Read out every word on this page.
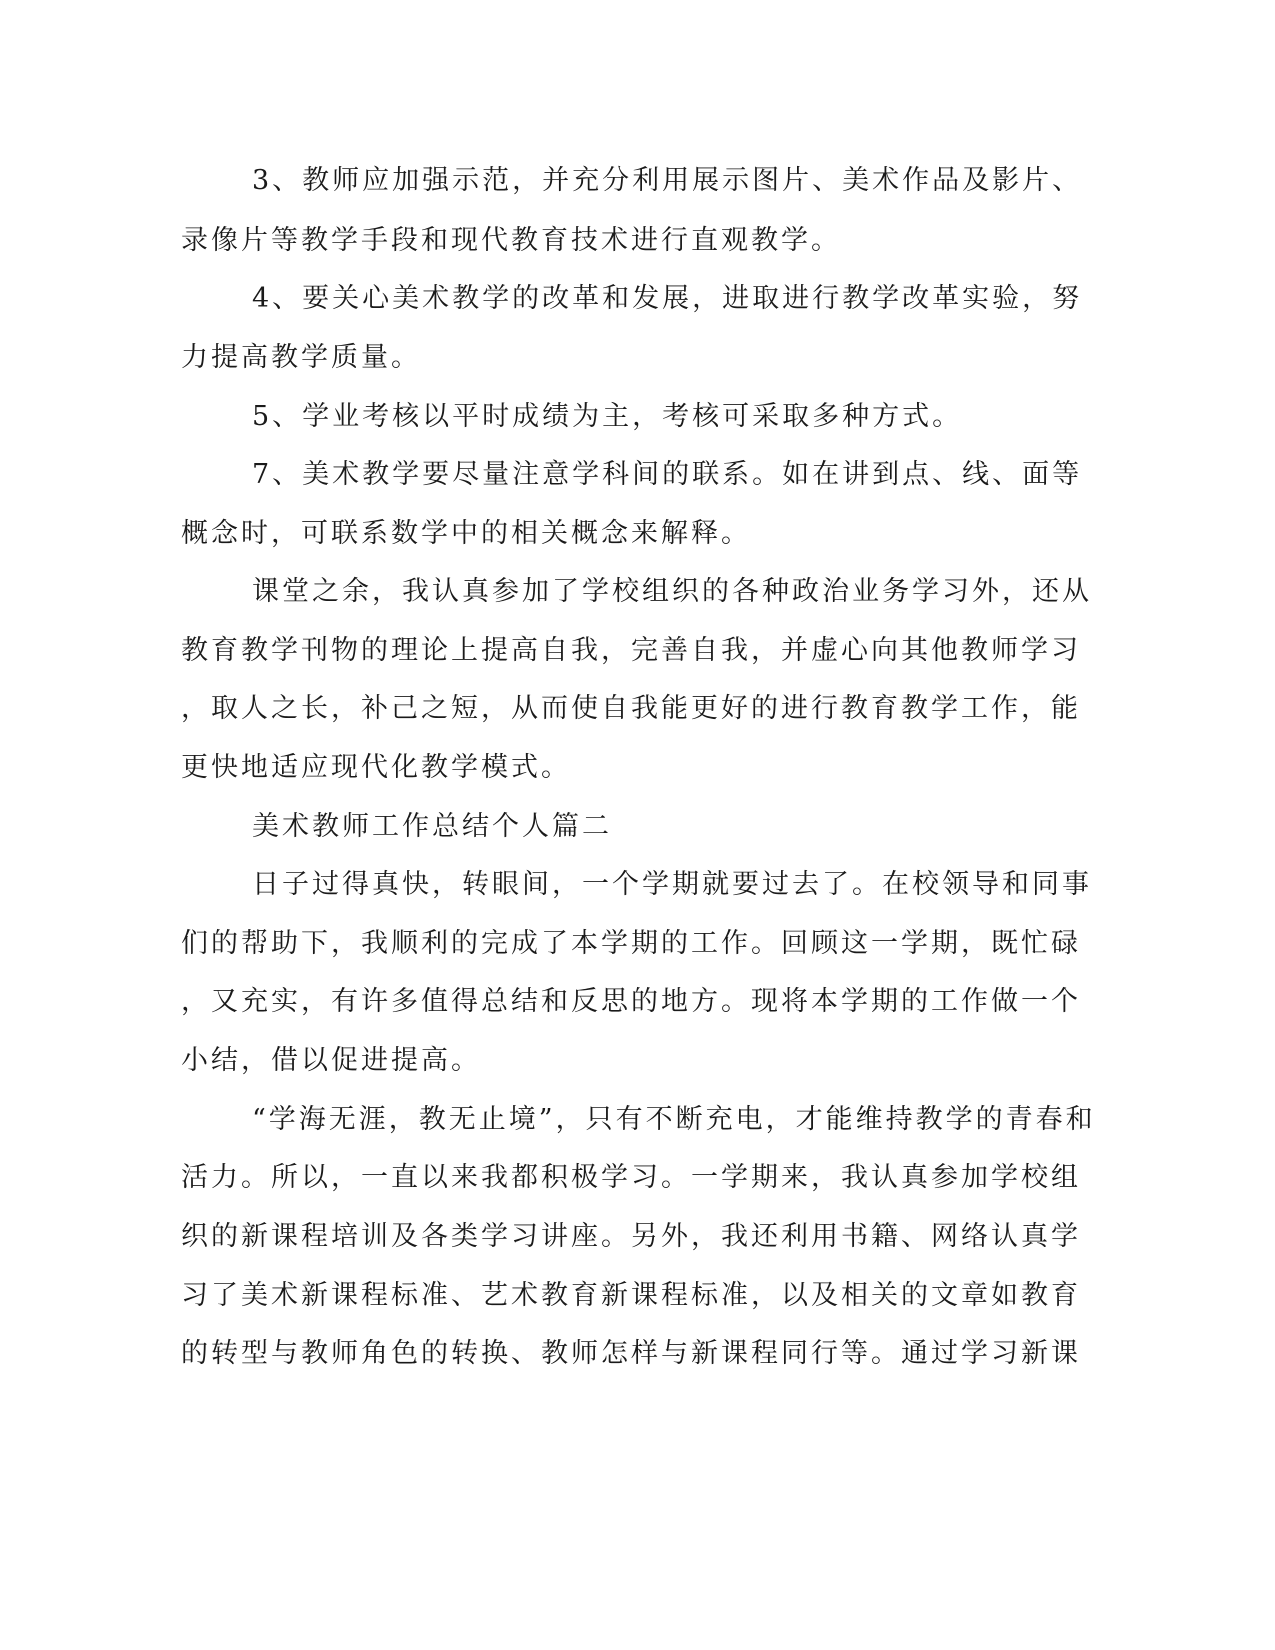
3、教师应加强示范，并充分利用展示图片、美术作品及影片、
录像片等教学手段和现代教育技术进行直观教学。
4、要关心美术教学的改革和发展，进取进行教学改革实验，努
力提高教学质量。
5、学业考核以平时成绩为主，考核可采取多种方式。
7、美术教学要尽量注意学科间的联系。如在讲到点、线、面等
概念时，可联系数学中的相关概念来解释。
课堂之余，我认真参加了学校组织的各种政治业务学习外，还从
教育教学刊物的理论上提高自我，完善自我，并虚心向其他教师学习
，取人之长，补己之短，从而使自我能更好的进行教育教学工作，能
更快地适应现代化教学模式。
美术教师工作总结个人篇二
日子过得真快，转眼间，一个学期就要过去了。在校领导和同事
们的帮助下，我顺利的完成了本学期的工作。回顾这一学期，既忙碌
，又充实，有许多值得总结和反思的地方。现将本学期的工作做一个
小结，借以促进提高。
“学海无涯，教无止境”，只有不断充电，才能维持教学的青春和
活力。所以，一直以来我都积极学习。一学期来，我认真参加学校组
织的新课程培训及各类学习讲座。另外，我还利用书籍、网络认真学
习了美术新课程标准、艺术教育新课程标准，以及相关的文章如教育
的转型与教师角色的转换、教师怎样与新课程同行等。通过学习新课
